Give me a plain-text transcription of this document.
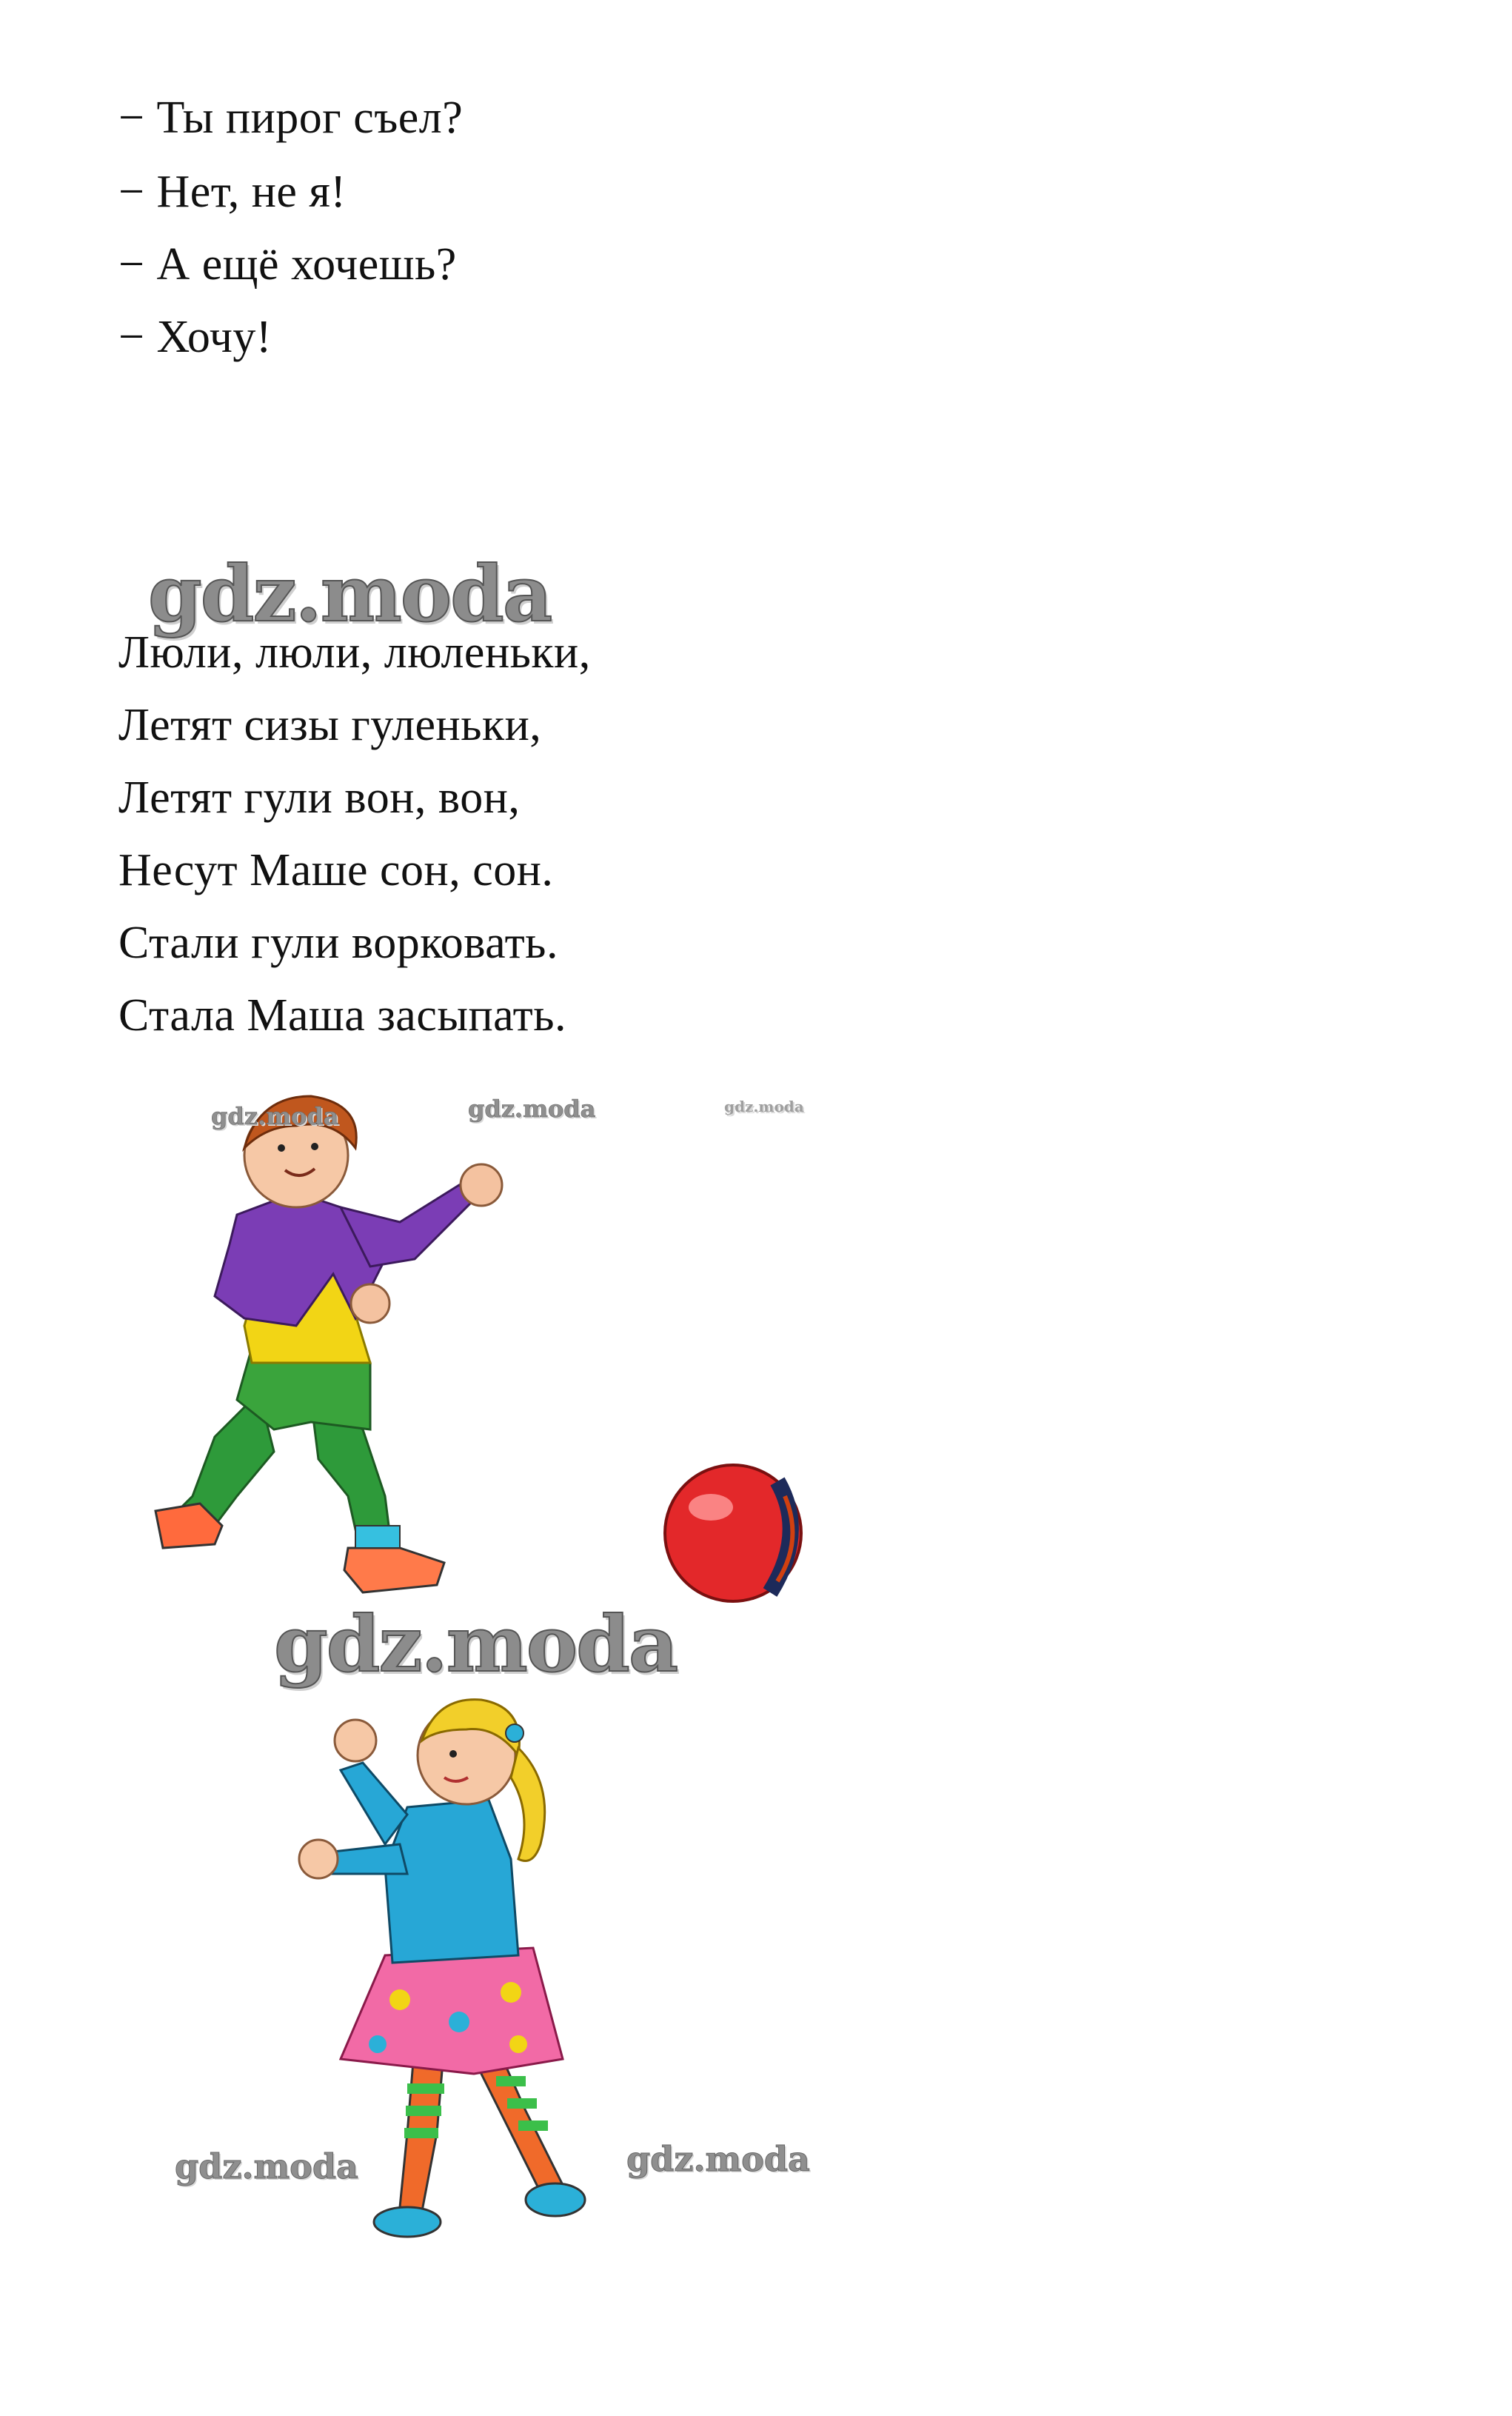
− Ты пирог съел?
− Нет, не я!
− А ещё хочешь?
− Хочу!
gdz.moda
Люли, люли, люленьки,
Летят сизы гуленьки,
Летят гули вон, вон,
Несут Маше сон, сон.
Стали гули ворковать.
Стала Маша засыпать.
gdz.moda	gdz.moda	gdz.moda
gdz.moda
gdz.moda	gdz.moda
